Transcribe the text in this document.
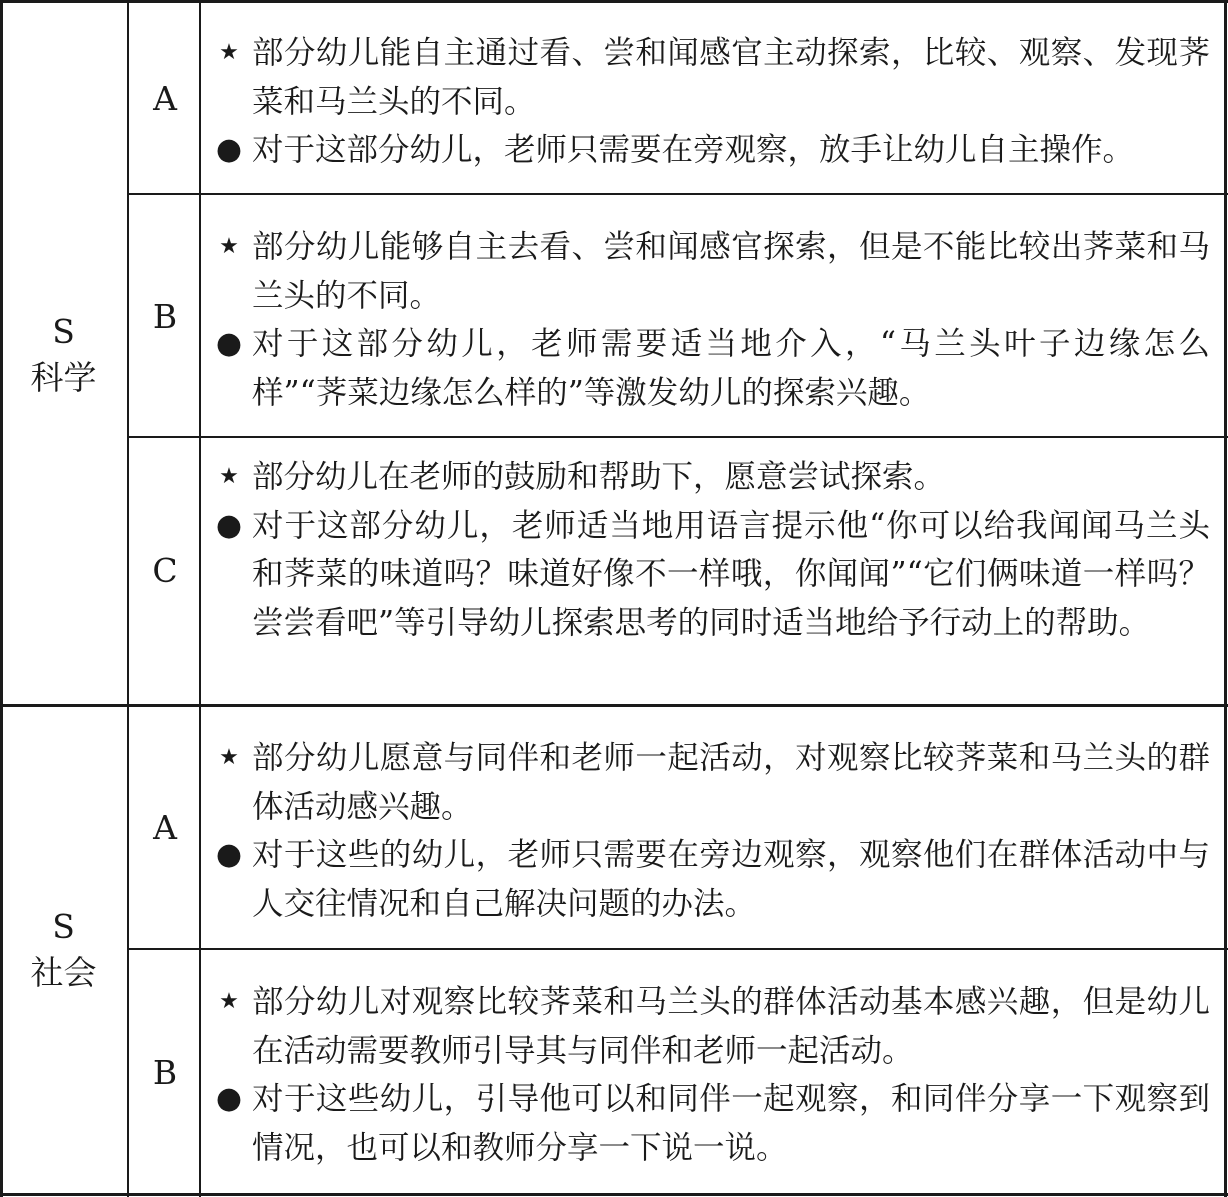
S
科学
A
★ 部分幼儿能自主通过看、尝和闻感官主动探索，比较、观察、发现荠菜和马兰头的不同。
● 对于这部分幼儿，老师只需要在旁观察，放手让幼儿自主操作。
B
★ 部分幼儿能够自主去看、尝和闻感官探索，但是不能比较出荠菜和马兰头的不同。
● 对于这部分幼儿，老师需要适当地介入，“马兰头叶子边缘怎么样”“荠菜边缘怎么样的”等激发幼儿的探索兴趣。
C
★ 部分幼儿在老师的鼓励和帮助下，愿意尝试探索。
● 对于这部分幼儿，老师适当地用语言提示他“你可以给我闻闻马兰头和荠菜的味道吗？味道好像不一样哦，你闻闻”“它们俩味道一样吗？尝尝看吧”等引导幼儿探索思考的同时适当地给予行动上的帮助。
S
社会
A
★ 部分幼儿愿意与同伴和老师一起活动，对观察比较荠菜和马兰头的群体活动感兴趣。
● 对于这些的幼儿，老师只需要在旁边观察，观察他们在群体活动中与人交往情况和自己解决问题的办法。
B
★ 部分幼儿对观察比较荠菜和马兰头的群体活动基本感兴趣，但是幼儿在活动需要教师引导其与同伴和老师一起活动。
● 对于这些幼儿，引导他可以和同伴一起观察，和同伴分享一下观察到情况，也可以和教师分享一下说一说。
